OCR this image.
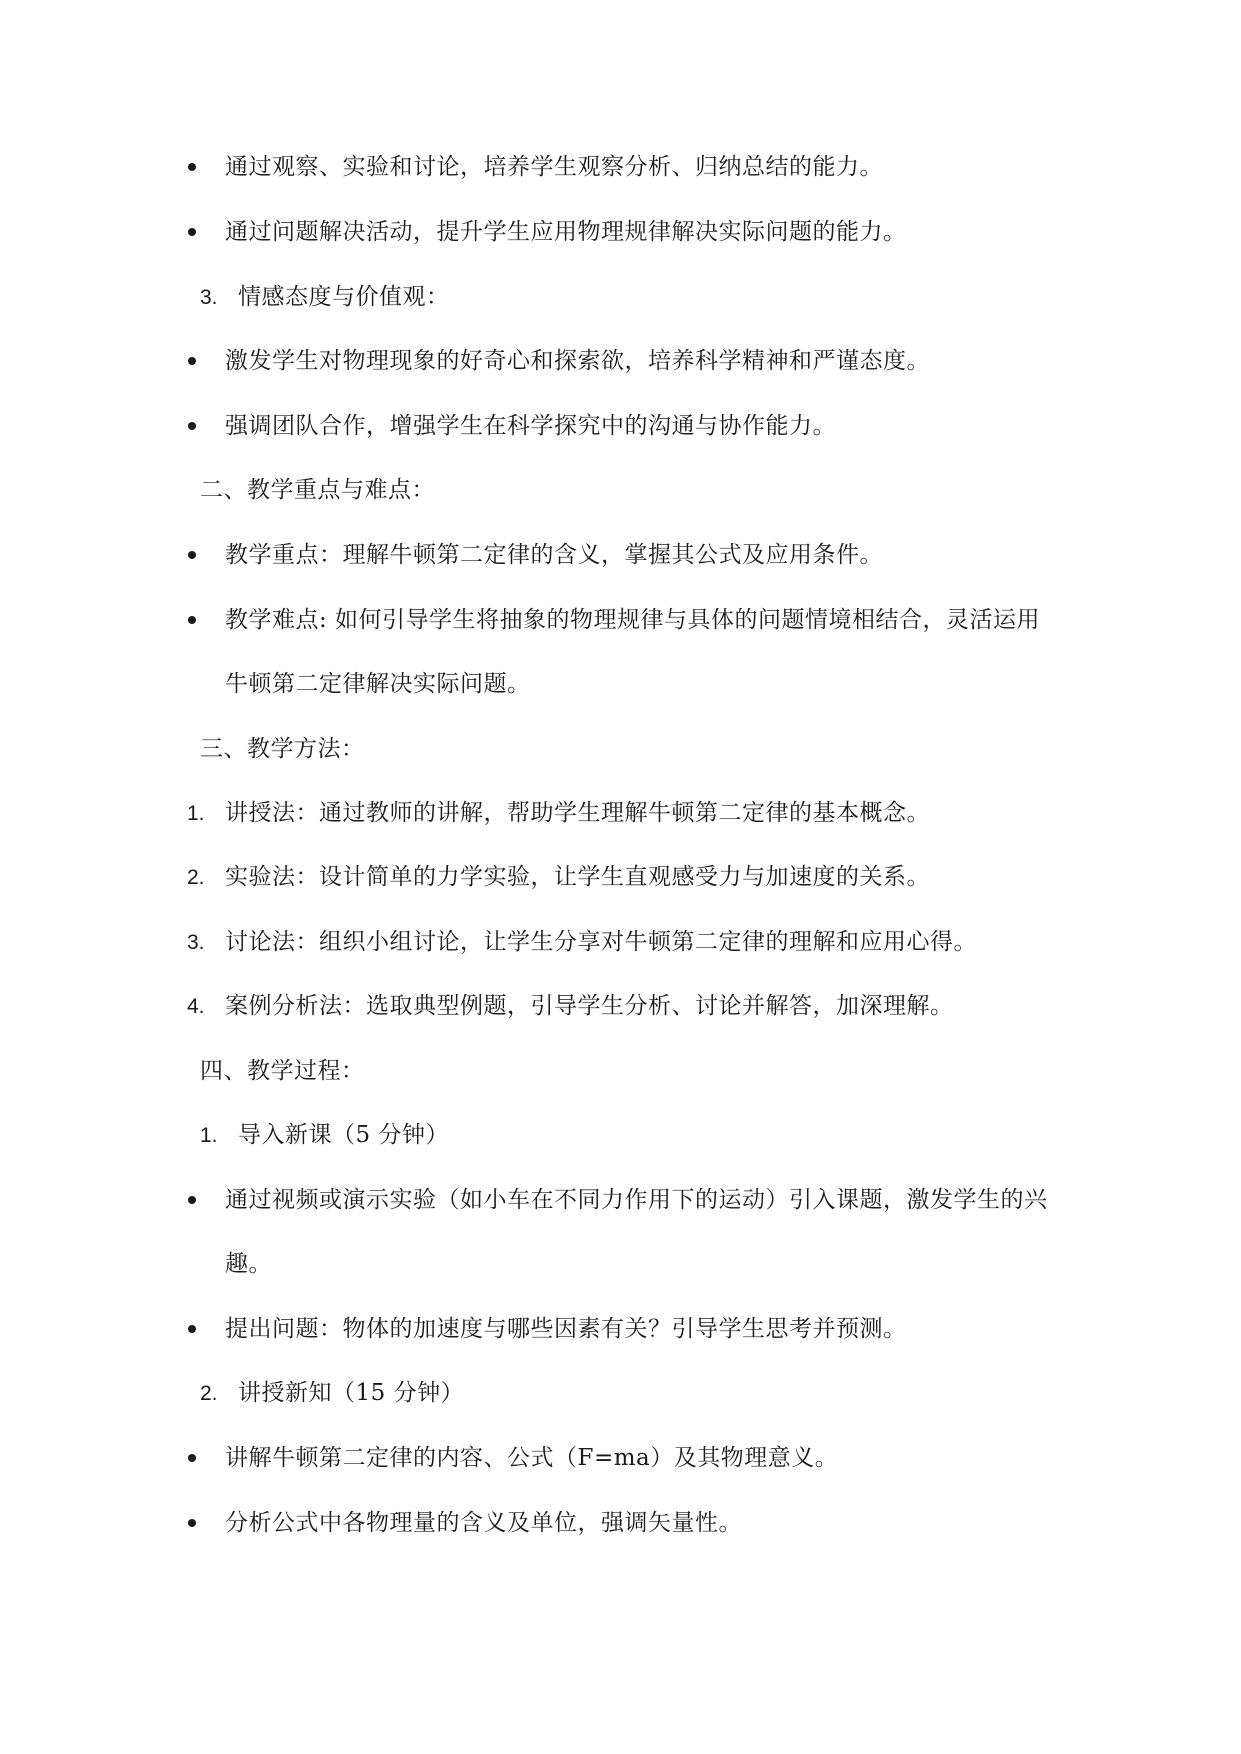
通过观察、实验和讨论，培养学生观察分析、归纳总结的能力。
通过问题解决活动，提升学生应用物理规律解决实际问题的能力。
3. 情感态度与价值观：
激发学生对物理现象的好奇心和探索欲，培养科学精神和严谨态度。
强调团队合作，增强学生在科学探究中的沟通与协作能力。
二、教学重点与难点：
教学重点：理解牛顿第二定律的含义，掌握其公式及应用条件。
教学难点: 如何引导学生将抽象的物理规律与具体的问题情境相结合，灵活运用
牛顿第二定律解决实际问题。
三、教学方法：
1. 讲授法：通过教师的讲解，帮助学生理解牛顿第二定律的基本概念。
2. 实验法：设计简单的力学实验，让学生直观感受力与加速度的关系。
3. 讨论法：组织小组讨论，让学生分享对牛顿第二定律的理解和应用心得。
4. 案例分析法：选取典型例题，引导学生分析、讨论并解答，加深理解。
四、教学过程：
1. 导入新课（5 分钟）
通过视频或演示实验（如小车在不同力作用下的运动）引入课题，激发学生的兴
趣。
提出问题：物体的加速度与哪些因素有关？引导学生思考并预测。
2. 讲授新知（15 分钟）
讲解牛顿第二定律的内容、公式（F=ma）及其物理意义。
分析公式中各物理量的含义及单位，强调矢量性。
